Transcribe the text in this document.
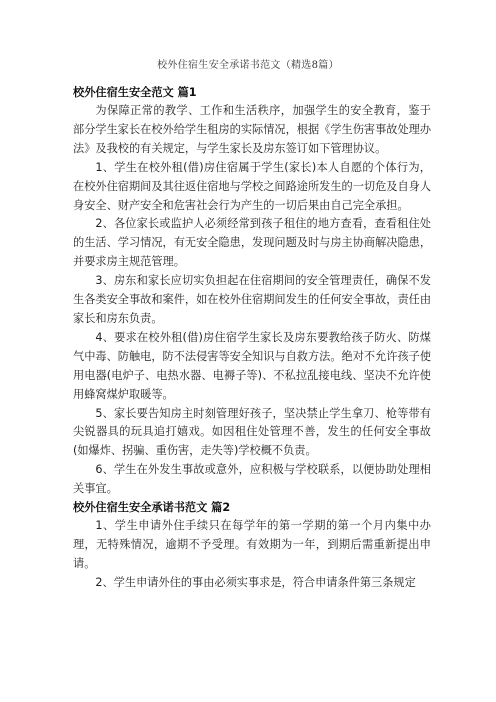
校外住宿生安全承诺书范文（精选8篇）

校外住宿生安全范文 篇1

为保障正常的教学、工作和生活秩序，加强学生的安全教育，鉴于部分学生家长在校外给学生租房的实际情况，根据《学生伤害事故处理办法》及我校的有关规定，与学生家长及房东签订如下管理协议。

1、学生在校外租(借)房住宿属于学生(家长)本人自愿的个体行为，在校外住宿期间及其往返住宿地与学校之间路途所发生的一切危及自身人身安全、财产安全和危害社会行为产生的一切后果由自己完全承担。

2、各位家长或监护人必须经常到孩子租住的地方查看，查看租住处的生活、学习情况，有无安全隐患，发现问题及时与房主协商解决隐患，并要求房主规范管理。

3、房东和家长应切实负担起在住宿期间的安全管理责任，确保不发生各类安全事故和案件，如在校外住宿期间发生的任何安全事故，责任由家长和房东负责。

4、要求在校外租(借)房住宿学生家长及房东要教给孩子防火、防煤气中毒、防触电，防不法侵害等安全知识与自救方法。绝对不允许孩子使用电器(电炉子、电热水器、电褥子等)、不私拉乱接电线、坚决不允许使用蜂窝煤炉取暖等。

5、家长要告知房主时刻管理好孩子，坚决禁止学生拿刀、枪等带有尖锐器具的玩具追打嬉戏。如因租住处管理不善，发生的任何安全事故(如爆炸、拐骗、重伤害，走失等)学校概不负责。

6、学生在外发生事故或意外，应积极与学校联系，以便协助处理相关事宜。

校外住宿生安全承诺书范文 篇2

1、学生申请外住手续只在每学年的第一学期的第一个月内集中办理，无特殊情况，逾期不予受理。有效期为一年，到期后需重新提出申请。

2、学生申请外住的事由必须实事求是，符合申请条件第三条规定
